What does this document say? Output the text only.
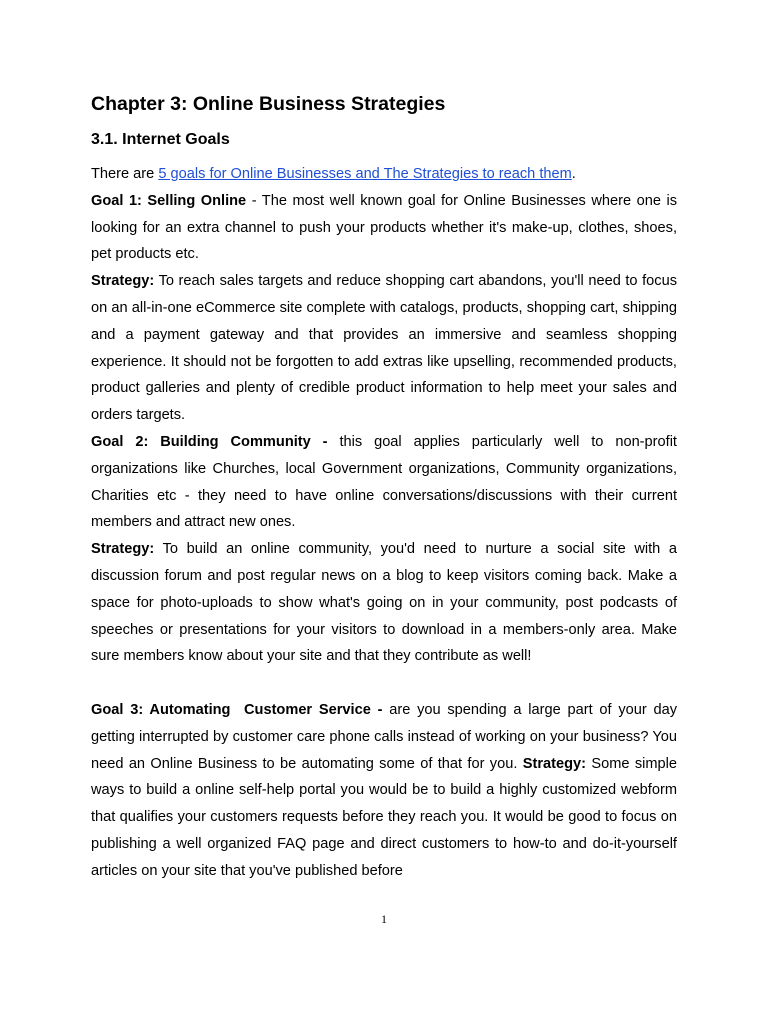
Chapter 3: Online Business Strategies
3.1. Internet Goals

There are 5 goals for Online Businesses and The Strategies to reach them.

Goal 1: Selling Online - The most well known goal for Online Businesses where one is looking for an extra channel to push your products whether it's make-up, clothes, shoes, pet products etc.

Strategy: To reach sales targets and reduce shopping cart abandons, you'll need to focus on an all-in-one eCommerce site complete with catalogs, products, shopping cart, shipping and a payment gateway and that provides an immersive and seamless shopping experience. It should not be forgotten to add extras like upselling, recommended products, product galleries and plenty of credible product information to help meet your sales and orders targets.

Goal 2: Building Community - this goal applies particularly well to non-profit organizations like Churches, local Government organizations, Community organizations, Charities etc - they need to have online conversations/discussions with their current members and attract new ones.

Strategy: To build an online community, you'd need to nurture a social site with a discussion forum and post regular news on a blog to keep visitors coming back. Make a space for photo-uploads to show what's going on in your community, post podcasts of speeches or presentations for your visitors to download in a members-only area. Make sure members know about your site and that they contribute as well!

Goal 3: Automating  Customer Service - are you spending a large part of your day getting interrupted by customer care phone calls instead of working on your business? You need an Online Business to be automating some of that for you. Strategy: Some simple ways to build a online self-help portal you would be to build a highly customized webform that qualifies your customers requests before they reach you. It would be good to focus on publishing a well organized FAQ page and direct customers to how-to and do-it-yourself articles on your site that you've published before

1
